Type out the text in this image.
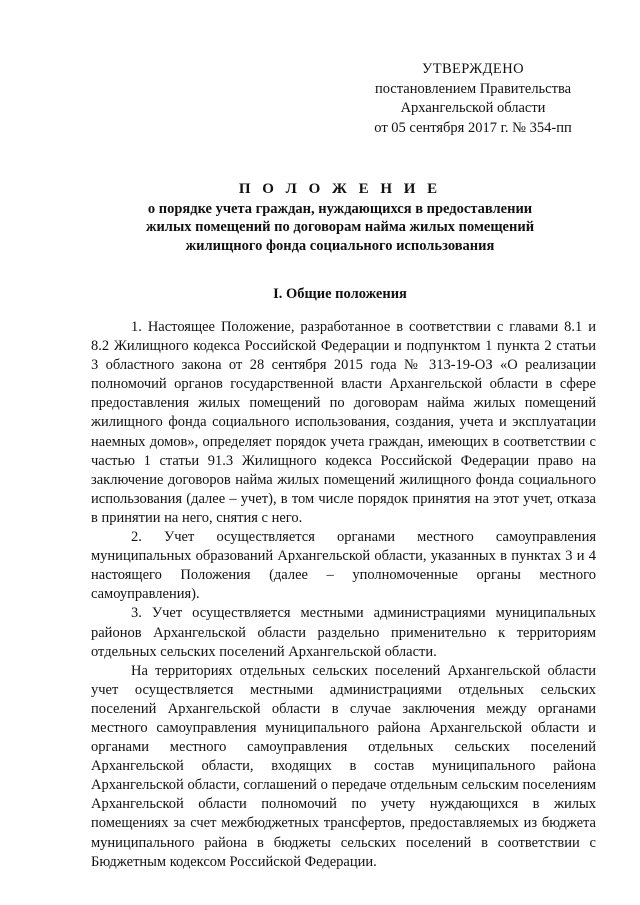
УТВЕРЖДЕНО
постановлением Правительства
Архангельской области
от 05 сентября 2017 г. № 354-пп
П О Л О Ж Е Н И Е
о порядке учета граждан, нуждающихся в предоставлении
жилых помещений по договорам найма жилых помещений
жилищного фонда социального использования
I. Общие положения

1. Настоящее Положение, разработанное в соответствии с главами 8.1 и 8.2 Жилищного кодекса Российской Федерации и подпунктом 1 пункта 2 статьи 3 областного закона от 28 сентября 2015 года № 313-19-ОЗ «О реализации полномочий органов государственной власти Архангельской области в сфере предоставления жилых помещений по договорам найма жилых помещений жилищного фонда социального использования, создания, учета и эксплуатации наемных домов», определяет порядок учета граждан, имеющих в соответствии с частью 1 статьи 91.3 Жилищного кодекса Российской Федерации право на заключение договоров найма жилых помещений жилищного фонда социального использования (далее – учет), в том числе порядок принятия на этот учет, отказа в принятии на него, снятия с него.

2. Учет осуществляется органами местного самоуправления муниципальных образований Архангельской области, указанных в пунктах 3 и 4 настоящего Положения (далее – уполномоченные органы местного самоуправления).

3. Учет осуществляется местными администрациями муниципальных районов Архангельской области раздельно применительно к территориям отдельных сельских поселений Архангельской области.

На территориях отдельных сельских поселений Архангельской области учет осуществляется местными администрациями отдельных сельских поселений Архангельской области в случае заключения между органами местного самоуправления муниципального района Архангельской области и органами местного самоуправления отдельных сельских поселений Архангельской области, входящих в состав муниципального района Архангельской области, соглашений о передаче отдельным сельским поселениям Архангельской области полномочий по учету нуждающихся в жилых помещениях за счет межбюджетных трансфертов, предоставляемых из бюджета муниципального района в бюджеты сельских поселений в соответствии с Бюджетным кодексом Российской Федерации.
